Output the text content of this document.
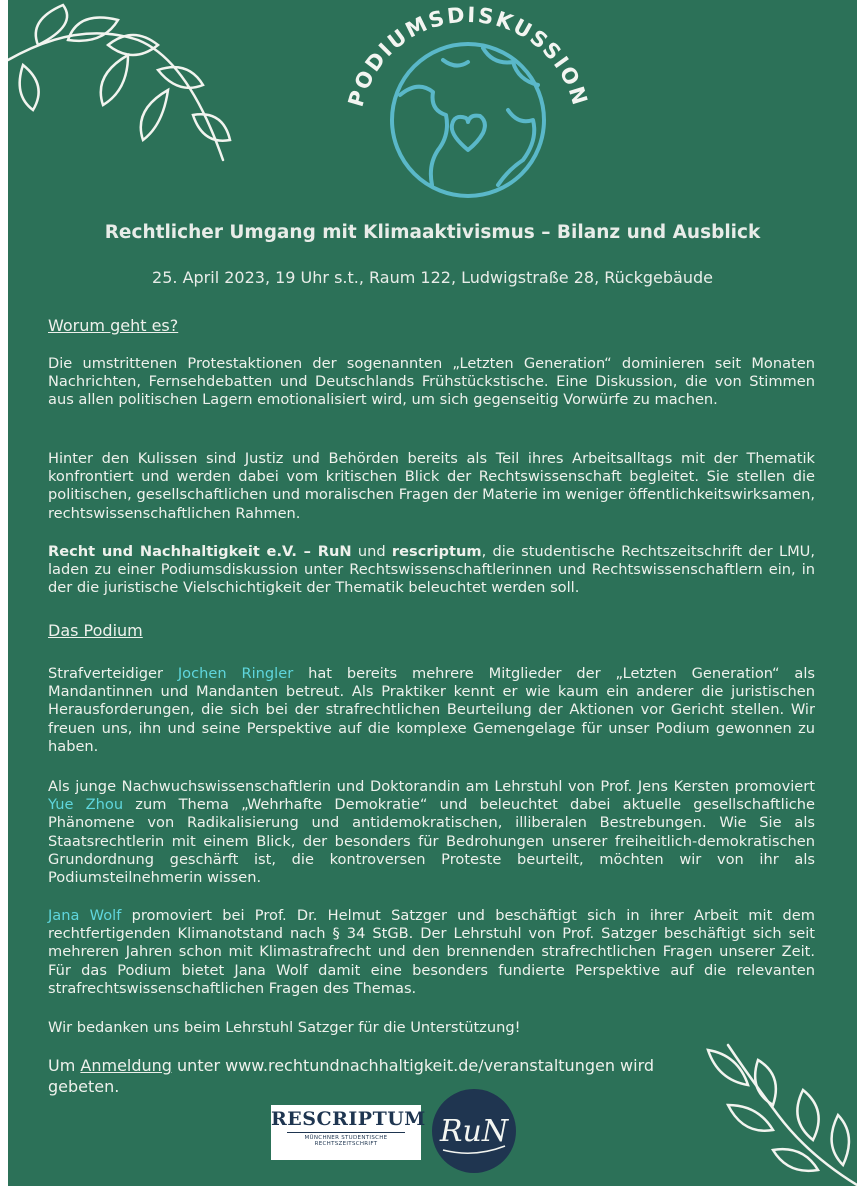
PODIUMSDISKUSSION
Rechtlicher Umgang mit Klimaaktivismus – Bilanz und Ausblick
25. April 2023, 19 Uhr s.t., Raum 122, Ludwigstraße 28, Rückgebäude
Worum geht es?
Die umstrittenen Protestaktionen der sogenannten „Letzten Generation“ dominieren seit Monaten Nachrichten, Fernsehdebatten und Deutschlands Frühstückstische. Eine Diskussion, die von Stimmen aus allen politischen Lagern emotionalisiert wird, um sich gegenseitig Vorwürfe zu machen.
Hinter den Kulissen sind Justiz und Behörden bereits als Teil ihres Arbeitsalltags mit der Thematik konfrontiert und werden dabei vom kritischen Blick der Rechtswissenschaft begleitet. Sie stellen die politischen, gesellschaftlichen und moralischen Fragen der Materie im weniger öffentlichkeitswirksamen, rechtswissenschaftlichen Rahmen.
Recht und Nachhaltigkeit e.V. – RuN und rescriptum, die studentische Rechtszeitschrift der LMU, laden zu einer Podiumsdiskussion unter Rechtswissenschaftlerinnen und Rechtswissenschaftlern ein, in der die juristische Vielschichtigkeit der Thematik beleuchtet werden soll.
Das Podium
Strafverteidiger Jochen Ringler hat bereits mehrere Mitglieder der „Letzten Generation“ als Mandantinnen und Mandanten betreut. Als Praktiker kennt er wie kaum ein anderer die juristischen Herausforderungen, die sich bei der strafrechtlichen Beurteilung der Aktionen vor Gericht stellen. Wir freuen uns, ihn und seine Perspektive auf die komplexe Gemengelage für unser Podium gewonnen zu haben.
Als junge Nachwuchswissenschaftlerin und Doktorandin am Lehrstuhl von Prof. Jens Kersten promoviert Yue Zhou zum Thema „Wehrhafte Demokratie“ und beleuchtet dabei aktuelle gesellschaftliche Phänomene von Radikalisierung und antidemokratischen, illiberalen Bestrebungen. Wie Sie als Staatsrechtlerin mit einem Blick, der besonders für Bedrohungen unserer freiheitlich-demokratischen Grundordnung geschärft ist, die kontroversen Proteste beurteilt, möchten wir von ihr als Podiumsteilnehmerin wissen.
Jana Wolf promoviert bei Prof. Dr. Helmut Satzger und beschäftigt sich in ihrer Arbeit mit dem rechtfertigenden Klimanotstand nach § 34 StGB. Der Lehrstuhl von Prof. Satzger beschäftigt sich seit mehreren Jahren schon mit Klimastrafrecht und den brennenden strafrechtlichen Fragen unserer Zeit. Für das Podium bietet Jana Wolf damit eine besonders fundierte Perspektive auf die relevanten strafrechtswissenschaftlichen Fragen des Themas.
Wir bedanken uns beim Lehrstuhl Satzger für die Unterstützung!
Um Anmeldung unter www.rechtundnachhaltigkeit.de/veranstaltungen wird gebeten.
RESCRIPTUM
MÜNCHNER STUDENTISCHE
RECHTSZEITSCHRIFT	RuN
